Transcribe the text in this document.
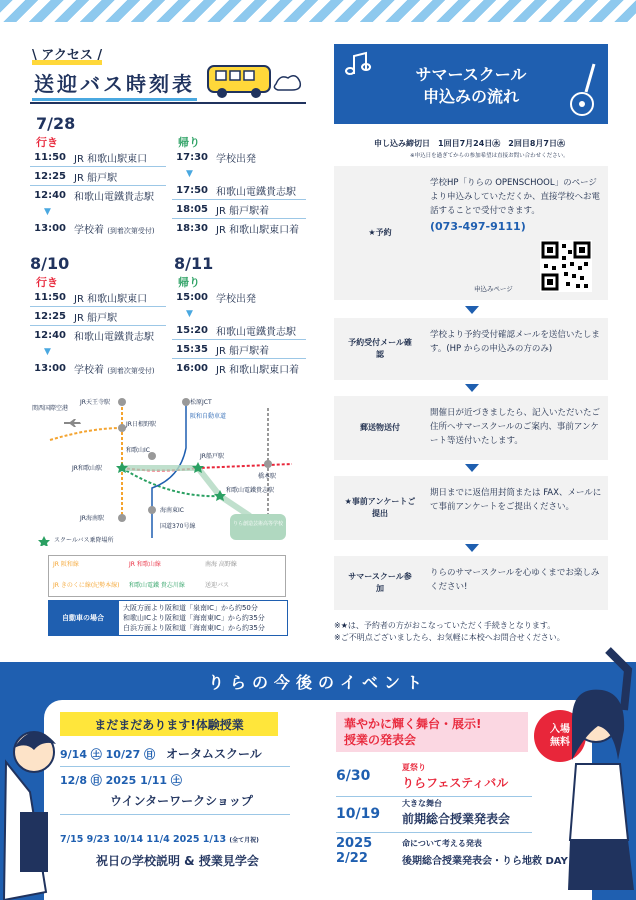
\ アクセス /
送迎バス時刻表
7/28
行き
11:50 JR 和歌山駅東口
12:25 JR 船戸駅
12:40 和歌山電鐵貴志駅
▼
13:00 学校着 (到着次第受付)
帰り
17:30 学校出発
▼
17:50 和歌山電鐵貴志駅
18:05 JR 船戸駅着
18:30 JR 和歌山駅東口着
8/10
行き
11:50 JR 和歌山駅東口
12:25 JR 船戸駅
12:40 和歌山電鐵貴志駅
▼
13:00 学校着 (到着次第受付)
8/11
帰り
15:00 学校出発
▼
15:20 和歌山電鐵貴志駅
15:35 JR 船戸駅着
16:00 JR 和歌山駅東口着
JR天王寺駅
関西国際空港
JR日根野駅
松原JCT
阪和自動車道
和歌山IC
JR船戸駅
JR和歌山駅
橋本駅
和歌山電鐵貴志駅
JR海南駅
海南東IC
国道370号線	りら創造芸術高等学校
スクールバス乗降場所
JR 阪和線	JR 和歌山線	南海 高野線
JR きのくに線(紀勢本線)	和歌山電鐵 貴志川線	送迎バス
自動車の場合
大阪方面より阪和道「泉南IC」から約50分
和歌山ICより阪和道「海南東IC」から約35分
白浜方面より阪和道「海南東IC」から約35分
サマースクール
申込みの流れ
申し込み締切日　1回目7月24日㊌　2回目8月7日㊌
※申込日を過ぎてからの参加希望は直接お問い合わせください。
★予約
学校HP「りらの OPENSCHOOL」のページより申込みしていただくか、直接学校へお電話することで受付できます。
(073-497-9111)
申込みページ
予約受付メール確認
学校より予約受付確認メールを送信いたします。(HP からの申込みの方のみ)
郵送物送付
開催日が近づきましたら、記入いただいたご住所へサマースクールのご案内、事前アンケート等送付いたします。
★事前アンケートご提出
期日までに返信用封筒または FAX、メールにて事前アンケートをご提出ください。
サマースクール参加
りらのサマースクールを心ゆくまでお楽しみください!
※★は、予約者の方がおこなっていただく手続きとなります。
※ご不明点ございましたら、お気軽に本校へお問合せください。
りらの今後のイベント
まだまだあります!体験授業
9/14 ㊏ 10/27 ㊐ オータムスクール
12/8 ㊐ 2025 1/11 ㊏
ウインターワークショップ
7/15 9/23 10/14 11/4 2025 1/13 (全て月祝)
祝日の学校説明 & 授業見学会
華やかに輝く舞台・展示!
授業の発表会
入場
無料
6/30
夏祭り
りらフェスティバル
10/19
大きな舞台
前期総合授業発表会
2025 2/22
命について考える発表
後期総合授業発表会・りら地救 DAY
